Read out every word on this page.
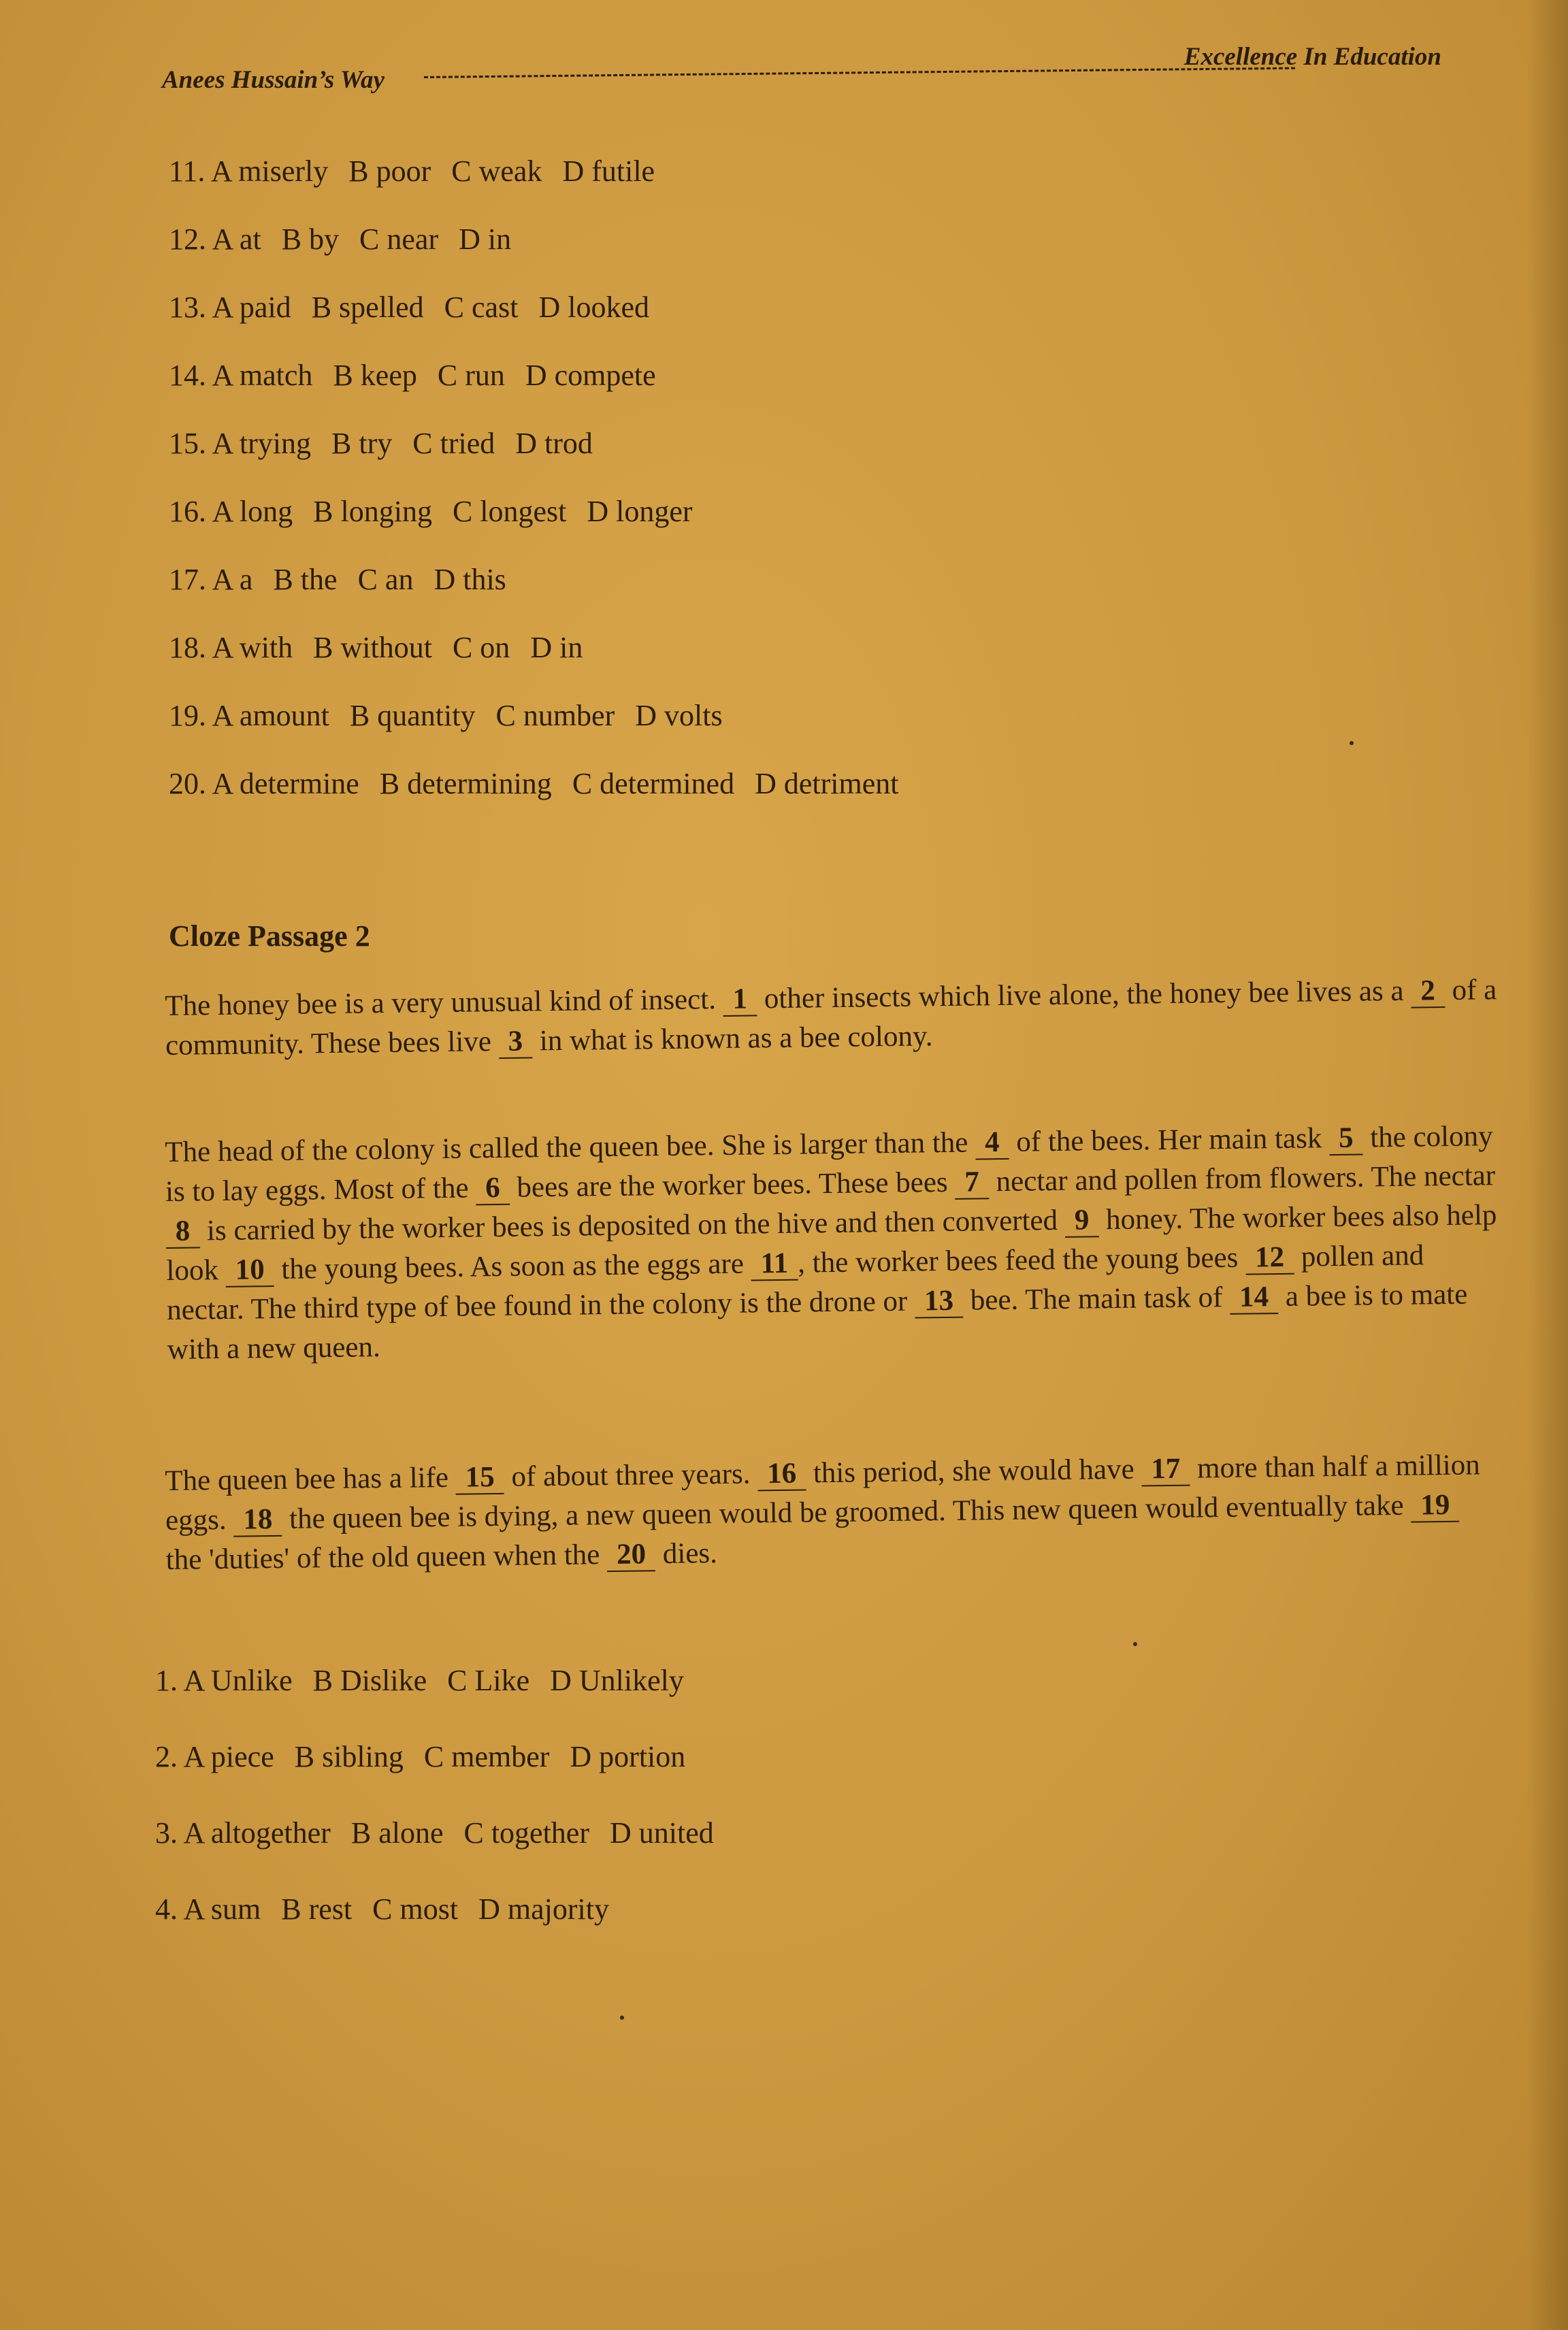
Anees Hussain’s Way
Excellence In Education
11. A miserly B poor C weak D futile
12. A at B by C near D in
13. A paid B spelled C cast D looked
14. A match B keep C run D compete
15. A trying B try C tried D trod
16. A long B longing C longest D longer
17. A a B the C an D this
18. A with B without C on D in
19. A amount B quantity C number D volts
20. A determine B determining C determined D detriment
Cloze Passage 2
The honey bee is a very unusual kind of insect. 1 other insects which live alone, the honey bee lives as a 2 of a community. These bees live 3 in what is known as a bee colony.
The head of the colony is called the queen bee. She is larger than the 4 of the bees. Her main task 5 the colony is to lay eggs. Most of the 6 bees are the worker bees. These bees 7 nectar and pollen from flowers. The nectar 8 is carried by the worker bees is deposited on the hive and then converted 9 honey. The worker bees also help look 10 the young bees. As soon as the eggs are 11 , the worker bees feed the young bees 12 pollen and nectar. The third type of bee found in the colony is the drone or 13 bee. The main task of 14 a bee is to mate with a new queen.
The queen bee has a life 15 of about three years. 16 this period, she would have 17 more than half a million eggs. 18 the queen bee is dying, a new queen would be groomed. This new queen would eventually take 19 the 'duties' of the old queen when the 20 dies.
1. A Unlike B Dislike C Like D Unlikely
2. A piece B sibling C member D portion
3. A altogether B alone C together D united
4. A sum B rest C most D majority
